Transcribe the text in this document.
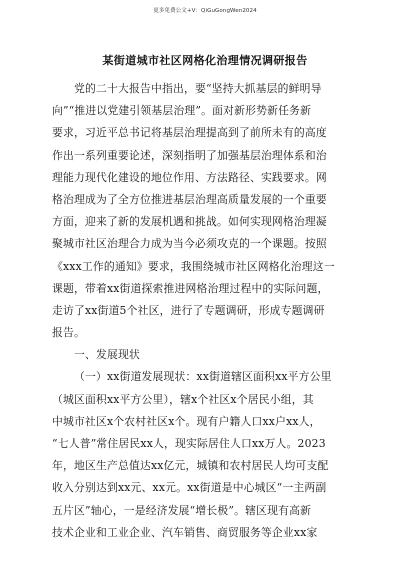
更多免费公文+V：QiGuGongWen2024
某街道城市社区网格化治理情况调研报告
党的二十大报告中指出，要“坚持大抓基层的鲜明导
向”“推进以党建引领基层治理”。面对新形势新任务新
要求，习近平总书记将基层治理提高到了前所未有的高度
作出一系列重要论述，深刻指明了加强基层治理体系和治
理能力现代化建设的地位作用、方法路径、实践要求。网
格治理成为了全方位推进基层治理高质量发展的一个重要
方面，迎来了新的发展机遇和挑战。如何实现网格治理凝
聚城市社区治理合力成为当今必须攻克的一个课题。按照
《xxx工作的通知》要求，我围绕城市社区网格化治理这一
课题，带着xx街道探索推进网格治理过程中的实际问题，
走访了xx街道5个社区，进行了专题调研，形成专题调研
报告。
一、发展现状
（一）xx街道发展现状：xx街道辖区面积xx平方公里
（城区面积xx平方公里），辖x个社区x个居民小组，其
中城市社区x个农村社区x个。现有户籍人口xx户xx人，
“七人普”常住居民xx人，现实际居住人口xx万人。2023
年，地区生产总值达xx亿元，城镇和农村居民人均可支配
收入分别达到xx元、xx元。xx街道是中心城区“一主两副
五片区”轴心，一是经济发展“增长极”。辖区现有高新
技术企业和工业企业、汽车销售、商贸服务等企业xx家
